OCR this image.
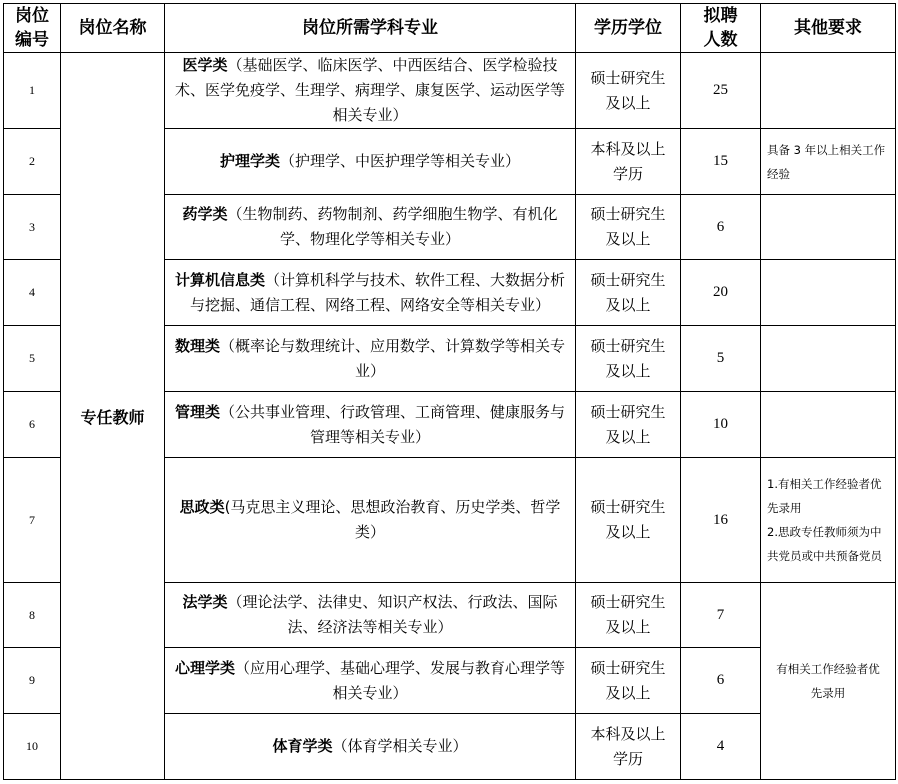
岗位编号	岗位名称	岗位所需学科专业	学历学位	拟聘人数	其他要求
1	专任教师	医学类（基础医学、临床医学、中西医结合、医学检验技术、医学免疫学、生理学、病理学、康复医学、运动医学等相关专业）	硕士研究生及以上	25	
2		护理学类（护理学、中医护理学等相关专业）	本科及以上学历	15	具备 3 年以上相关工作经验
3		药学类（生物制药、药物制剂、药学细胞生物学、有机化学、物理化学等相关专业）	硕士研究生及以上	6	
4		计算机信息类（计算机科学与技术、软件工程、大数据分析与挖掘、通信工程、网络工程、网络安全等相关专业）	硕士研究生及以上	20	
5		数理类（概率论与数理统计、应用数学、计算数学等相关专业）	硕士研究生及以上	5	
6		管理类（公共事业管理、行政管理、工商管理、健康服务与管理等相关专业）	硕士研究生及以上	10	
7		思政类(马克思主义理论、思想政治教育、历史学类、哲学类）	硕士研究生及以上	16	1.有相关工作经验者优先录用
2.思政专任教师须为中共党员或中共预备党员

8		法学类（理论法学、法律史、知识产权法、行政法、国际法、经济法等相关专业）	硕士研究生及以上	7	有相关工作经验者优先录用
9		心理学类（应用心理学、基础心理学、发展与教育心理学等相关专业）	硕士研究生及以上	6	
10		体育学类（体育学相关专业）	本科及以上学历	4	
